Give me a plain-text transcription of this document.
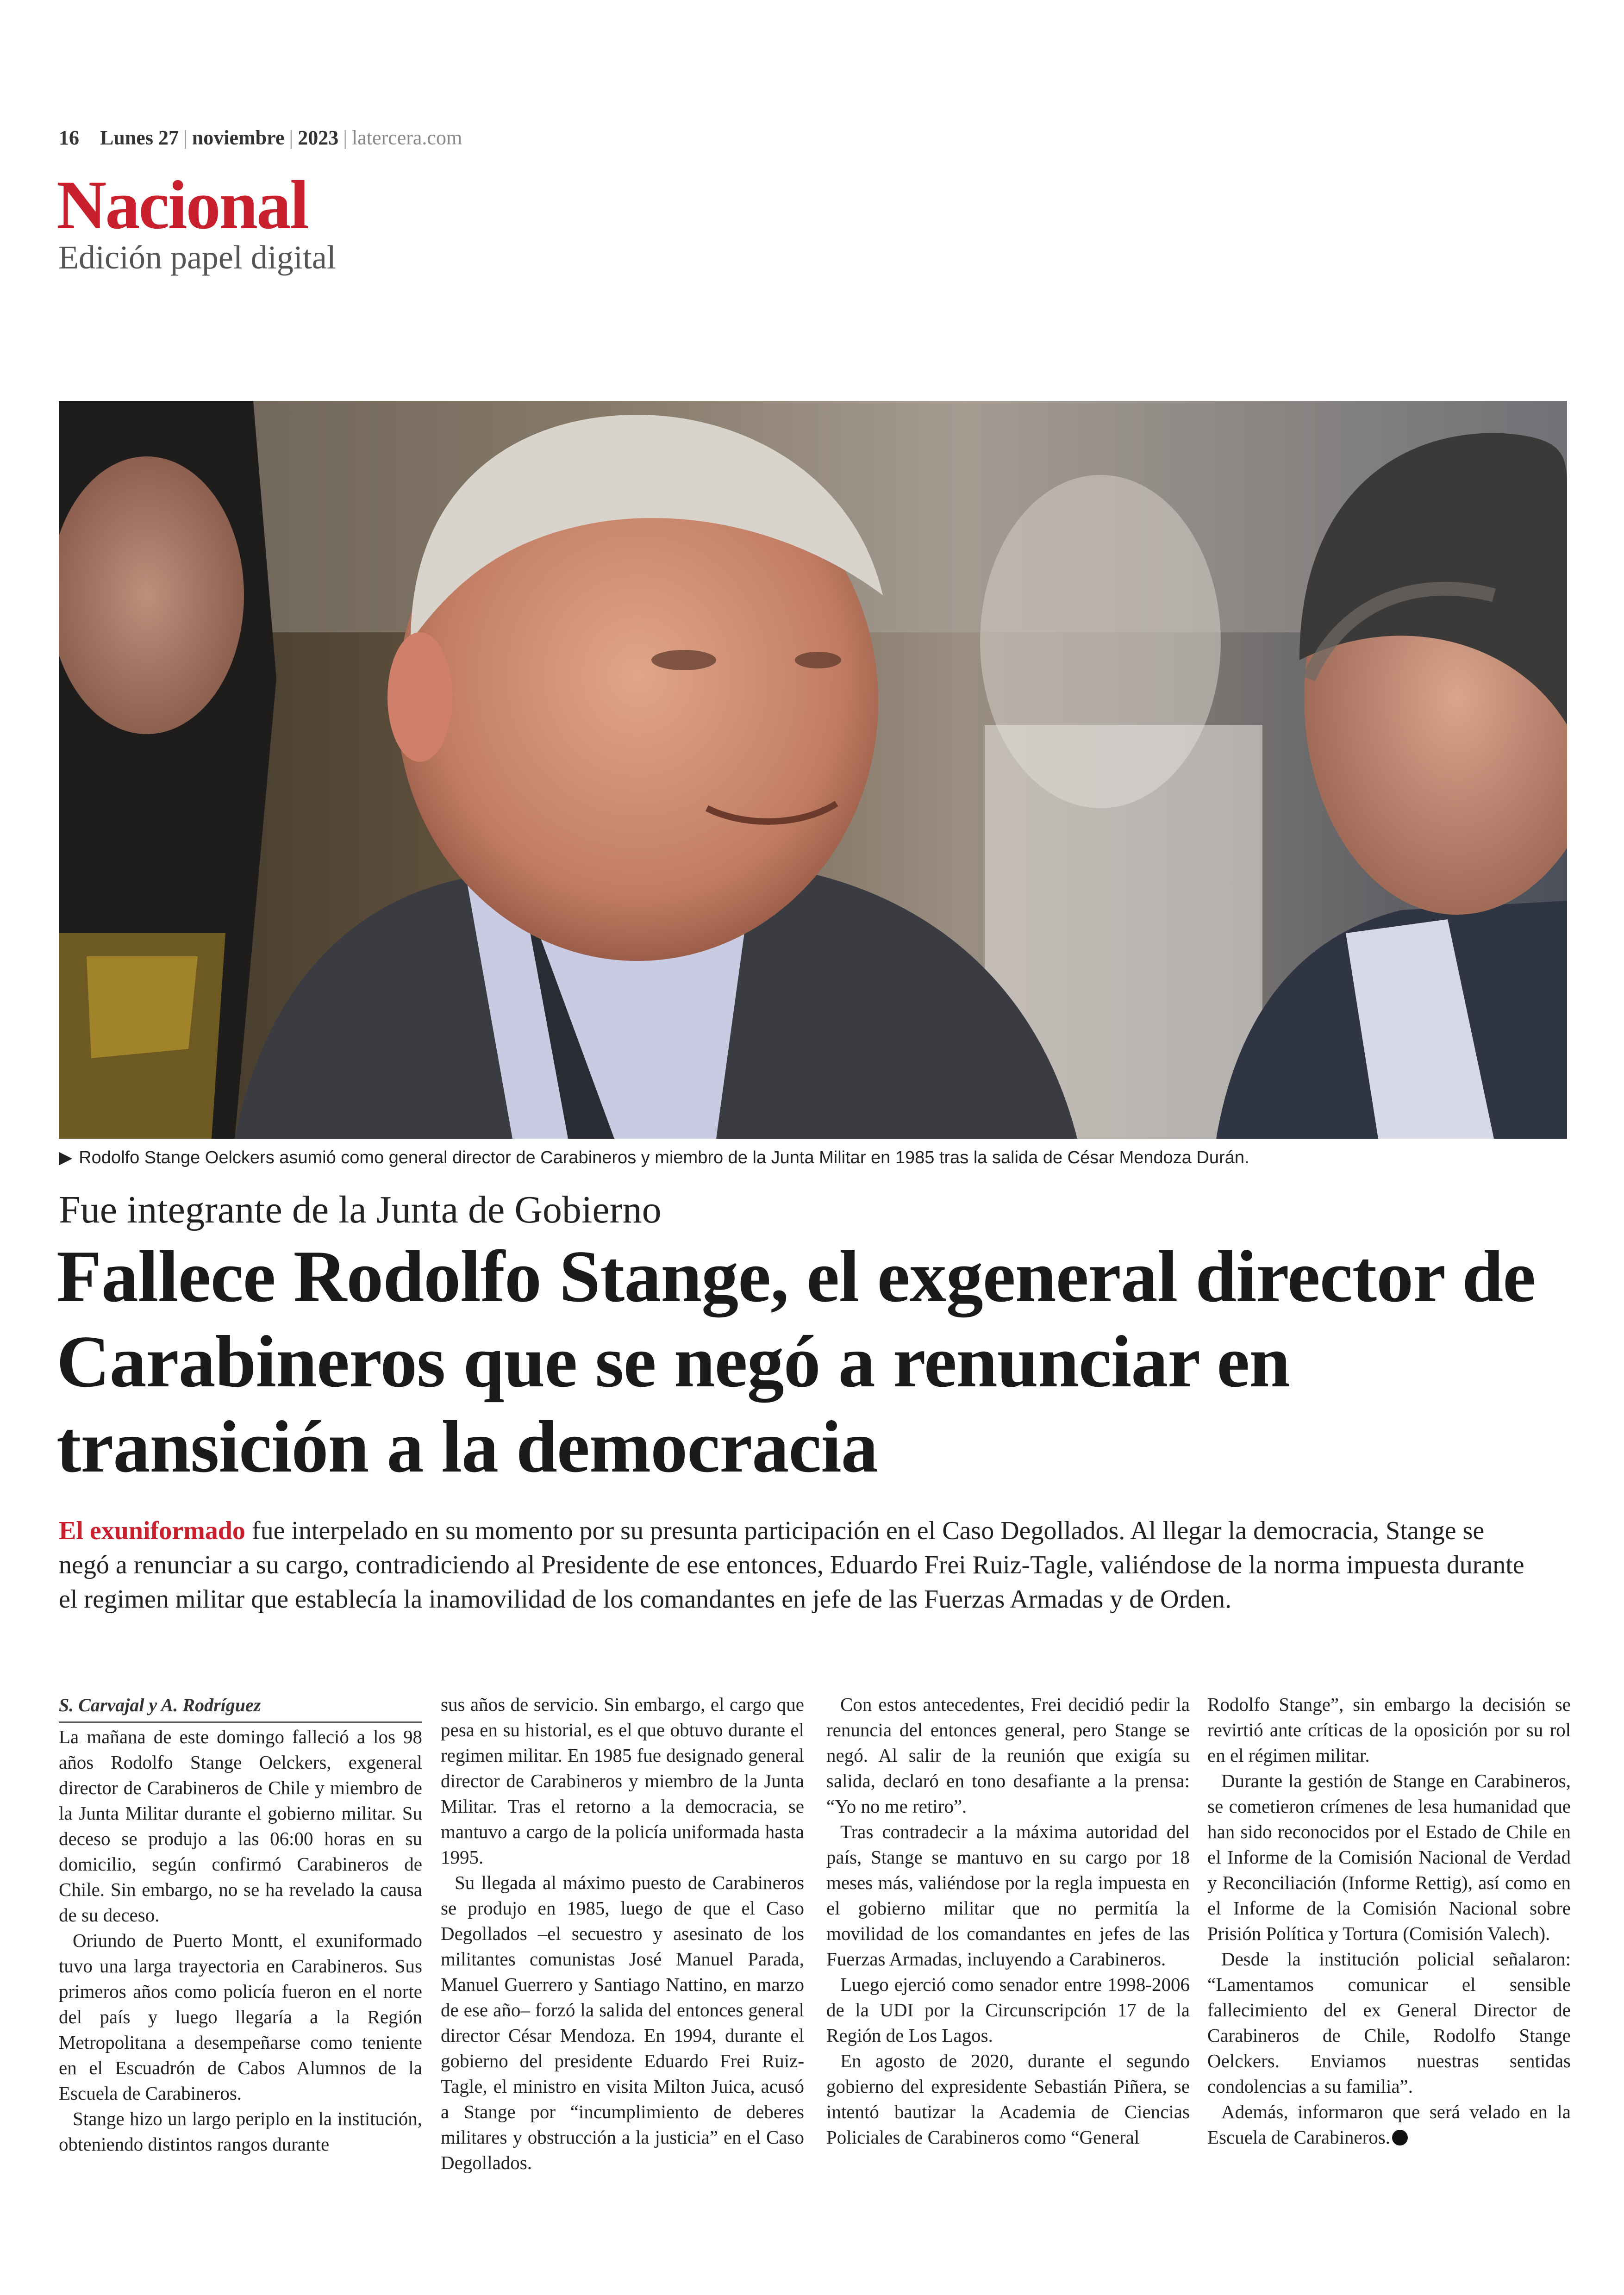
16 Lunes 27 | noviembre | 2023 | latercera.com
Nacional
Edición papel digital
▶ Rodolfo Stange Oelckers asumió como general director de Carabineros y miembro de la Junta Militar en 1985 tras la salida de César Mendoza Durán.
Fue integrante de la Junta de Gobierno
Fallece Rodolfo Stange, el exgeneral director de Carabineros que se negó a renunciar en transición a la democracia
El exuniformado fue interpelado en su momento por su presunta participación en el Caso Degollados. Al llegar la democracia, Stange se negó a renunciar a su cargo, contradiciendo al Presidente de ese entonces, Eduardo Frei Ruiz-Tagle, valiéndose de la norma impuesta durante el regimen militar que establecía la inamovilidad de los comandantes en jefe de las Fuerzas Armadas y de Orden.
S. Carvajal y A. Rodríguez

La mañana de este domingo falleció a los 98 años Rodolfo Stange Oelckers, exgeneral director de Carabineros de Chile y miembro de la Junta Militar durante el gobierno militar. Su deceso se produjo a las 06:00 horas en su domicilio, según confirmó Carabineros de Chile. Sin embargo, no se ha revelado la causa de su deceso.

Oriundo de Puerto Montt, el exuniformado tuvo una larga trayectoria en Carabineros. Sus primeros años como policía fueron en el norte del país y luego llegaría a la Región Metropolitana a desempeñarse como teniente en el Escuadrón de Cabos Alumnos de la Escuela de Carabineros.

Stange hizo un largo periplo en la institución, obteniendo distintos rangos durante

sus años de servicio. Sin embargo, el cargo que pesa en su historial, es el que obtuvo durante el regimen militar. En 1985 fue designado general director de Carabineros y miembro de la Junta Militar. Tras el retorno a la democracia, se mantuvo a cargo de la policía uniformada hasta 1995.

Su llegada al máximo puesto de Carabineros se produjo en 1985, luego de que el Caso Degollados –el secuestro y asesinato de los militantes comunistas José Manuel Parada, Manuel Guerrero y Santiago Nattino, en marzo de ese año– forzó la salida del entonces general director César Mendoza. En 1994, durante el gobierno del presidente Eduardo Frei Ruiz-Tagle, el ministro en visita Milton Juica, acusó a Stange por “incumplimiento de deberes militares y obstrucción a la justicia” en el Caso Degollados.

Con estos antecedentes, Frei decidió pedir la renuncia del entonces general, pero Stange se negó. Al salir de la reunión que exigía su salida, declaró en tono desafiante a la prensa: “Yo no me retiro”.

Tras contradecir a la máxima autoridad del país, Stange se mantuvo en su cargo por 18 meses más, valiéndose por la regla impuesta en el gobierno militar que no permitía la movilidad de los comandantes en jefes de las Fuerzas Armadas, incluyendo a Carabineros.

Luego ejerció como senador entre 1998-2006 de la UDI por la Circunscripción 17 de la Región de Los Lagos.

En agosto de 2020, durante el segundo gobierno del expresidente Sebastián Piñera, se intentó bautizar la Academia de Ciencias Policiales de Carabineros como “General

Rodolfo Stange”, sin embargo la decisión se revirtió ante críticas de la oposición por su rol en el régimen militar.

Durante la gestión de Stange en Carabineros, se cometieron crímenes de lesa humanidad que han sido reconocidos por el Estado de Chile en el Informe de la Comisión Nacional de Verdad y Reconciliación (Informe Rettig), así como en el Informe de la Comisión Nacional sobre Prisión Política y Tortura (Comisión Valech).

Desde la institución policial señalaron: “Lamentamos comunicar el sensible fallecimiento del ex General Director de Carabineros de Chile, Rodolfo Stange Oelckers. Enviamos nuestras sentidas condolencias a su familia”.

Además, informaron que será velado en la Escuela de Carabineros.
